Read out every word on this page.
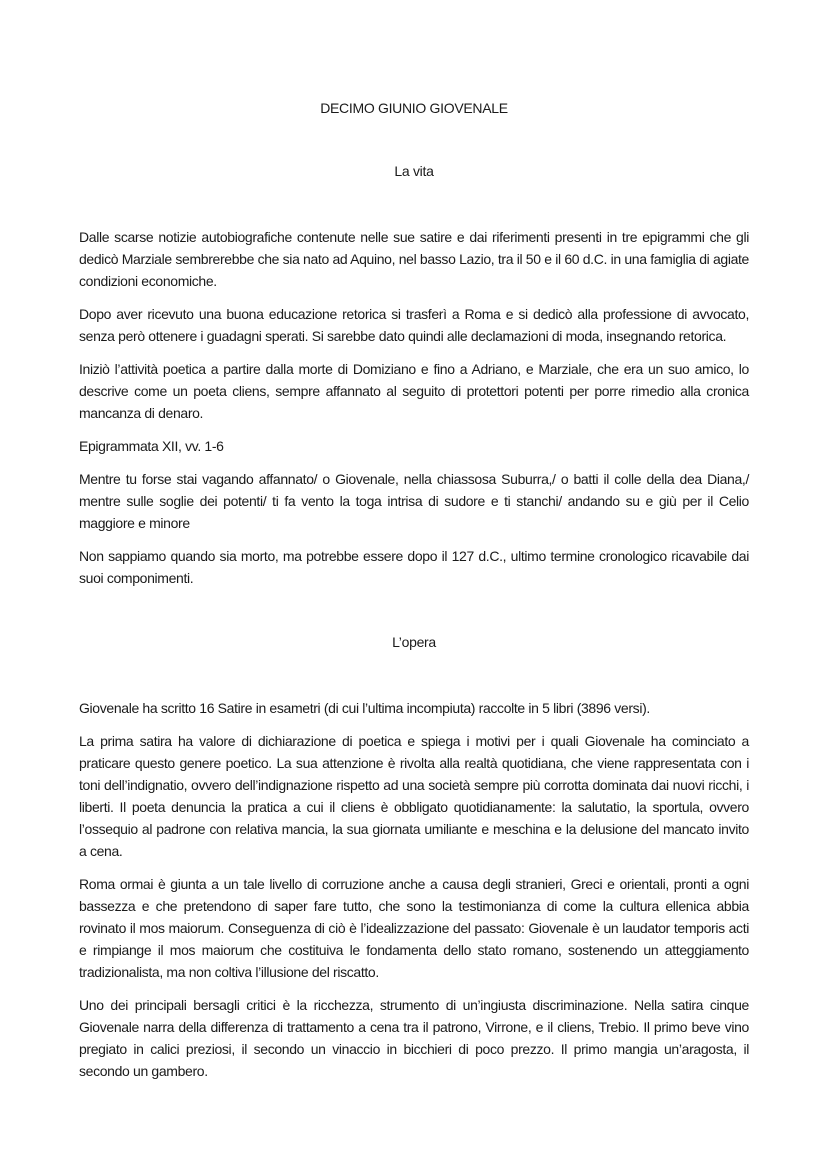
DECIMO GIUNIO GIOVENALE
La vita

Dalle scarse notizie autobiografiche contenute nelle sue satire e dai riferimenti presenti in tre epigrammi che gli dedicò Marziale sembrerebbe che sia nato ad Aquino, nel basso Lazio, tra il 50 e il 60 d.C. in una famiglia di agiate condizioni economiche.

Dopo aver ricevuto una buona educazione retorica si trasferì a Roma e si dedicò alla professione di avvocato, senza però ottenere i guadagni sperati. Si sarebbe dato quindi alle declamazioni di moda, insegnando retorica.

Iniziò l’attività poetica a partire dalla morte di Domiziano e fino a Adriano, e Marziale, che era un suo amico, lo descrive come un poeta cliens, sempre affannato al seguito di protettori potenti per porre rimedio alla cronica mancanza di denaro.

Epigrammata XII, vv. 1-6

Mentre tu forse stai vagando affannato/ o Giovenale, nella chiassosa Suburra,/ o batti il colle della dea Diana,/ mentre sulle soglie dei potenti/ ti fa vento la toga intrisa di sudore e ti stanchi/ andando su e giù per il Celio maggiore e minore

Non sappiamo quando sia morto, ma potrebbe essere dopo il 127 d.C., ultimo termine cronologico ricavabile dai suoi componimenti.

L’opera

Giovenale ha scritto 16 Satire in esametri (di cui l’ultima incompiuta) raccolte in 5 libri (3896 versi).

La prima satira ha valore di dichiarazione di poetica e spiega i motivi per i quali Giovenale ha cominciato a praticare questo genere poetico. La sua attenzione è rivolta alla realtà quotidiana, che viene rappresentata con i toni dell’indignatio, ovvero dell’indignazione rispetto ad una società sempre più corrotta dominata dai nuovi ricchi, i liberti. Il poeta denuncia la pratica a cui il cliens è obbligato quotidianamente: la salutatio, la sportula, ovvero l’ossequio al padrone con relativa mancia, la sua giornata umiliante e meschina e la delusione del mancato invito a cena.

Roma ormai è giunta a un tale livello di corruzione anche a causa degli stranieri, Greci e orientali, pronti a ogni bassezza e che pretendono di saper fare tutto, che sono la testimonianza di come la cultura ellenica abbia rovinato il mos maiorum. Conseguenza di ciò è l’idealizzazione del passato: Giovenale è un laudator temporis acti e rimpiange il mos maiorum che costituiva le fondamenta dello stato romano, sostenendo un atteggiamento tradizionalista, ma non coltiva l’illusione del riscatto.

Uno dei principali bersagli critici è la ricchezza, strumento di un’ingiusta discriminazione. Nella satira cinque Giovenale narra della differenza di trattamento a cena tra il patrono, Virrone, e il cliens, Trebio. Il primo beve vino pregiato in calici preziosi, il secondo un vinaccio in bicchieri di poco prezzo. Il primo mangia un’aragosta, il secondo un gambero.
